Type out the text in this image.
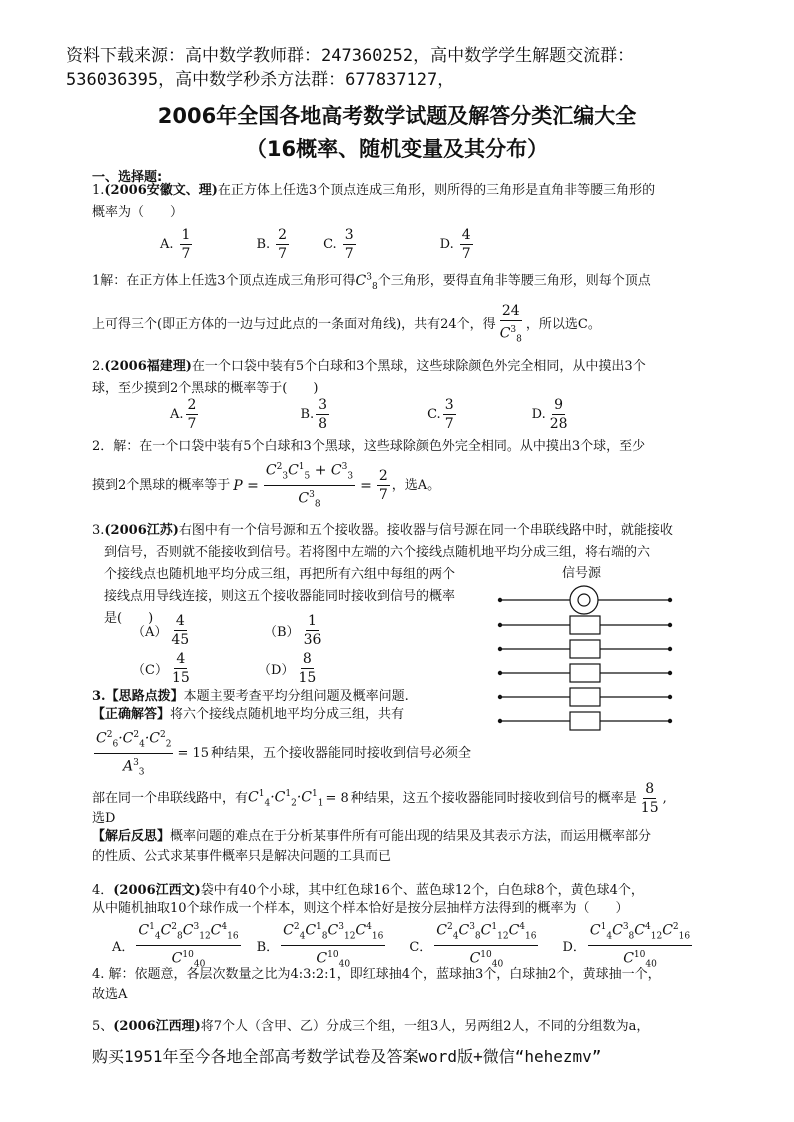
资料下载来源：高中数学教师群：247360252，高中数学学生解题交流群：
536036395，高中数学秒杀方法群：677837127，
2006年全国各地高考数学试题及解答分类汇编大全
（16概率、随机变量及其分布）
一、选择题:
1.(2006安徽文、理)在正方体上任选3个顶点连成三角形，则所得的三角形是直角非等腰三角形的
概率为（　　）
A. $\frac{1}{7}$	B. $\frac{2}{7}$	C. $\frac{3}{7}$	D. $\frac{4}{7}$
1解：在正方体上任选3个顶点连成三角形可得$C^3_8$个三角形，要得直角非等腰三角形，则每个顶点
上可得三个(即正方体的一边与过此点的一条面对角线)，共有24个，得 $\frac{24}{C^3_8}$ ，所以选C。
2.(2006福建理)在一个口袋中装有5个白球和3个黑球，这些球除颜色外完全相同，从中摸出3个
球，至少摸到2个黑球的概率等于(　　)
A. $\frac{2}{7}$	B. $\frac{3}{8}$	C. $\frac{3}{7}$	D. $\frac{9}{28}$
2．解：在一个口袋中装有5个白球和3个黑球，这些球除颜色外完全相同。从中摸出3个球，至少
摸到2个黑球的概率等于 $P = \frac{C^2_3C^1_5 + C^3_3}{C^3_8} = \frac{2}{7}$ ，选A。
3.(2006江苏)右图中有一个信号源和五个接收器。接收器与信号源在同一个串联线路中时，就能接收
到信号，否则就不能接收到信号。若将图中左端的六个接线点随机地平均分成三组，将右端的六
个接线点也随机地平均分成三组，再把所有六组中每组的两个
接线点用导线连接，则这五个接收器能同时接收到信号的概率
是(　　)
信号源
$(A) \frac{4}{45}$	$(B) \frac{1}{36}$
$(C) \frac{4}{15}$	$(D) \frac{8}{15}$
3.【思路点拨】本题主要考查平均分组问题及概率问题.
【正确解答】将六个接线点随机地平均分成三组，共有
$\frac{C^2_6\cdot C^2_4\cdot C^2_2}{A^3_3} = 15$ 种结果，五个接收器能同时接收到信号必须全
部在同一个串联线路中，有 $C^1_4\cdot C^1_2\cdot C^1_1 = 8$ 种结果，这五个接收器能同时接收到信号的概率是 $\frac{8}{15}$ ,
选D
【解后反思】概率问题的难点在于分析某事件所有可能出现的结果及其表示方法，而运用概率部分
的性质、公式求某事件概率只是解决问题的工具而已
4．(2006江西文)袋中有40个小球，其中红色球16个、蓝色球12个，白色球8个，黄色球4个，
从中随机抽取10个球作成一个样本，则这个样本恰好是按分层抽样方法得到的概率为（　　）
A． $\frac{C^1_4C^2_8C^3_{12}C^4_{16}}{C^{10}_{40}}$ B． $\frac{C^2_4C^1_8C^3_{12}C^4_{16}}{C^{10}_{40}}$ C． $\frac{C^2_4C^3_8C^1_{12}C^4_{16}}{C^{10}_{40}}$ D． $\frac{C^1_4C^3_8C^4_{12}C^2_{16}}{C^{10}_{40}}$
4. 解：依题意，各层次数量之比为4:3:2:1，即红球抽4个，蓝球抽3个，白球抽2个，黄球抽一个，
故选A
5、(2006江西理)将7个人（含甲、乙）分成三个组，一组3人，另两组2人，不同的分组数为a，
购买1951年至今各地全部高考数学试卷及答案word版+微信“hehezmv”
